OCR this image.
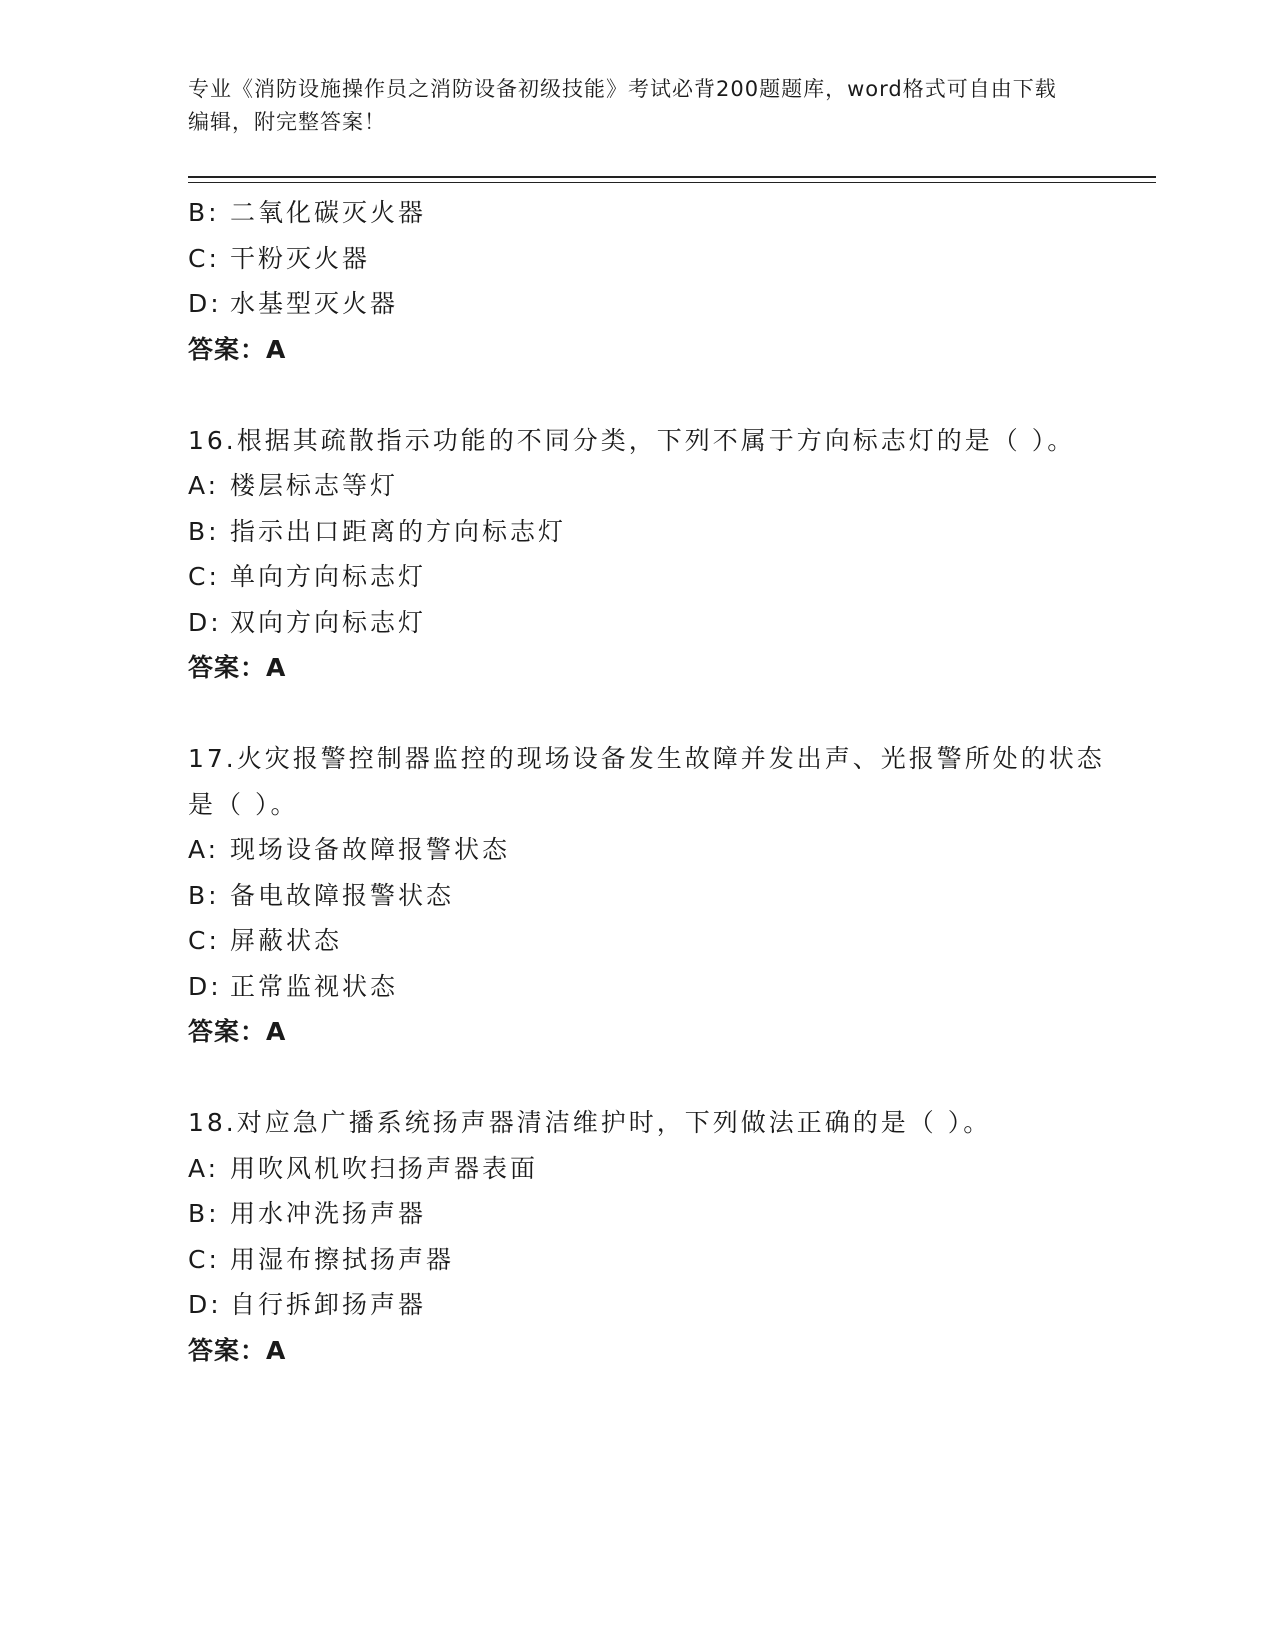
专业《消防设施操作员之消防设备初级技能》考试必背200题题库，word格式可自由下载编辑，附完整答案！
B: 二氧化碳灭火器
C: 干粉灭火器
D: 水基型灭火器
答案：A
16.根据其疏散指示功能的不同分类，下列不属于方向标志灯的是（ ）。
A: 楼层标志等灯
B: 指示出口距离的方向标志灯
C: 单向方向标志灯
D: 双向方向标志灯
答案：A
17.火灾报警控制器监控的现场设备发生故障并发出声、光报警所处的状态是（ ）。
A: 现场设备故障报警状态
B: 备电故障报警状态
C: 屏蔽状态
D: 正常监视状态
答案：A
18.对应急广播系统扬声器清洁维护时，下列做法正确的是（ ）。
A: 用吹风机吹扫扬声器表面
B: 用水冲洗扬声器
C: 用湿布擦拭扬声器
D: 自行拆卸扬声器
答案：A
